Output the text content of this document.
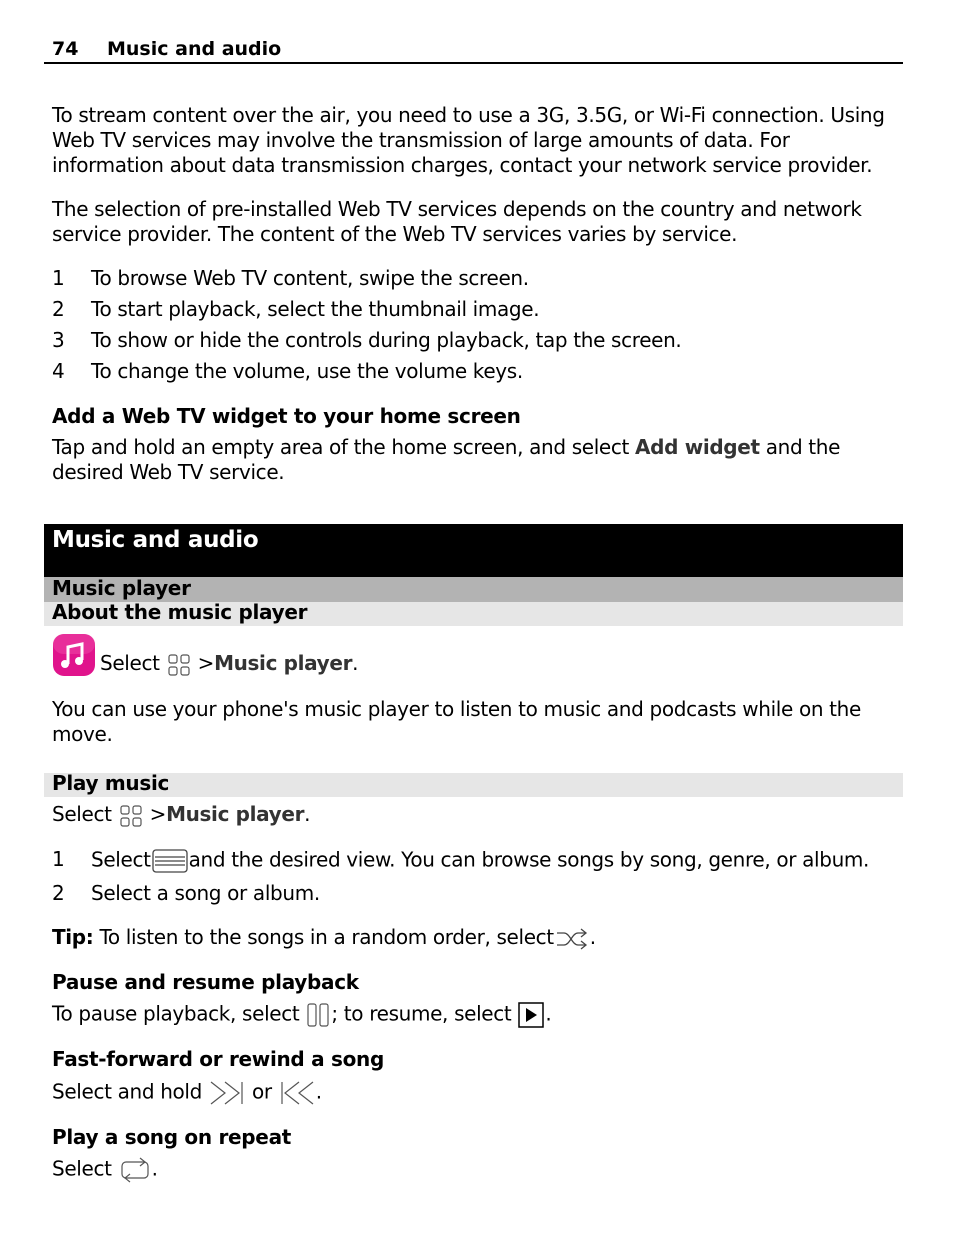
74 Music and audio
To stream content over the air, you need to use a 3G, 3.5G, or Wi-Fi connection. Using Web TV services may involve the transmission of large amounts of data. For information about data transmission charges, contact your network service provider.
The selection of pre-installed Web TV services depends on the country and network service provider. The content of the Web TV services varies by service.
1 To browse Web TV content, swipe the screen.
2 To start playback, select the thumbnail image.
3 To show or hide the controls during playback, tap the screen.
4 To change the volume, use the volume keys.
Add a Web TV widget to your home screen
Tap and hold an empty area of the home screen, and select Add widget and the desired Web TV service.
Music and audio
Music player
About the music player
Select >Music player.
You can use your phone's music player to listen to music and podcasts while on the move.
Play music
Select >Music player.
1 Select and the desired view. You can browse songs by song, genre, or album.
2 Select a song or album.
Tip: To listen to the songs in a random order, select .
Pause and resume playback
To pause playback, select ; to resume, select .
Fast-forward or rewind a song
Select and hold	or .
Play a song on repeat
Select .
